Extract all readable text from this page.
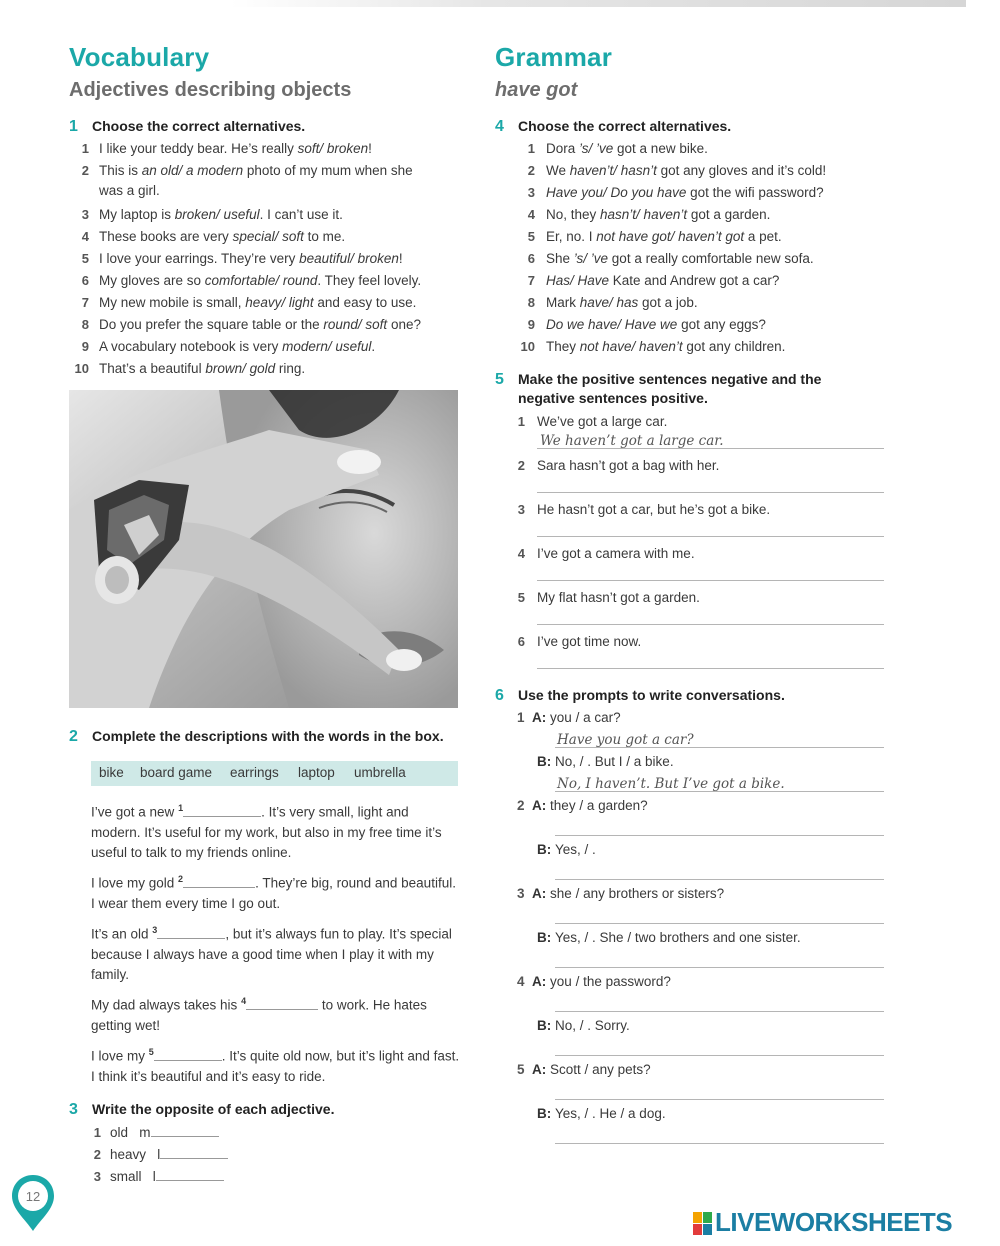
Vocabulary
Adjectives describing objects
1 Choose the correct alternatives.
1 I like your teddy bear. He’s really soft/ broken!
2 This is an old/ a modern photo of my mum when she
was a girl.
3 My laptop is broken/ useful. I can’t use it.
4 These books are very special/ soft to me.
5 I love your earrings. They’re very beautiful/ broken!
6 My gloves are so comfortable/ round. They feel lovely.
7 My new mobile is small, heavy/ light and easy to use.
8 Do you prefer the square table or the round/ soft one?
9 A vocabulary notebook is very modern/ useful.
10 That’s a beautiful brown/ gold ring.
2 Complete the descriptions with the words in the box.
3 Write the opposite of each adjective.
1 old m
2 heavy l
3 small l
bike board game earrings laptop umbrella
I’ve got a new $^1$	. It’s very small, light and modern. It’s useful for my work, but also in my free time it’s useful to talk to my friends online.
I love my gold $^2$	. They’re big, round and beautiful. I wear them every time I go out.
It’s an old $^3$	, but it’s always fun to play. It’s special because I always have a good time when I play it with my family.
My dad always takes his $^4$	to work. He hates getting wet!
I love my $^5$	. It’s quite old now, but it’s light and fast. I think it’s beautiful and it’s easy to ride.
Grammar
have got
4 Choose the correct alternatives.
1 Dora ’s/ ’ve got a new bike.
2 We haven’t/ hasn’t got any gloves and it’s cold!
3 Have you/ Do you have got the wifi password?
4 No, they hasn’t/ haven’t got a garden.
5 Er, no. I not have got/ haven’t got a pet.
6 She ’s/ ’ve got a really comfortable new sofa.
7 Has/ Have Kate and Andrew got a car?
8 Mark have/ has got a job.
9 Do we have/ Have we got any eggs?
10 They not have/ haven’t got any children.
5 Make the positive sentences negative and the negative sentences positive.
1 We’ve got a large car.
We haven’t got a large car.
2 Sara hasn’t got a bag with her.
3 He hasn’t got a car, but he’s got a bike.
4 I’ve got a camera with me.
5 My flat hasn’t got a garden.
6 I’ve got time now.
6 Use the prompts to write conversations.
1 A: you / a car?
Have you got a car?
B: No, / . But I / a bike.
No, I haven’t. But I’ve got a bike.
2 A: they / a garden?
B: Yes, / .
3 A: she / any brothers or sisters?
B: Yes, / . She / two brothers and one sister.
4 A: you / the password?
B: No, / . Sorry.
5 A: Scott / any pets?
B: Yes, / . He / a dog.
12
LIVEWORKSHEETS
